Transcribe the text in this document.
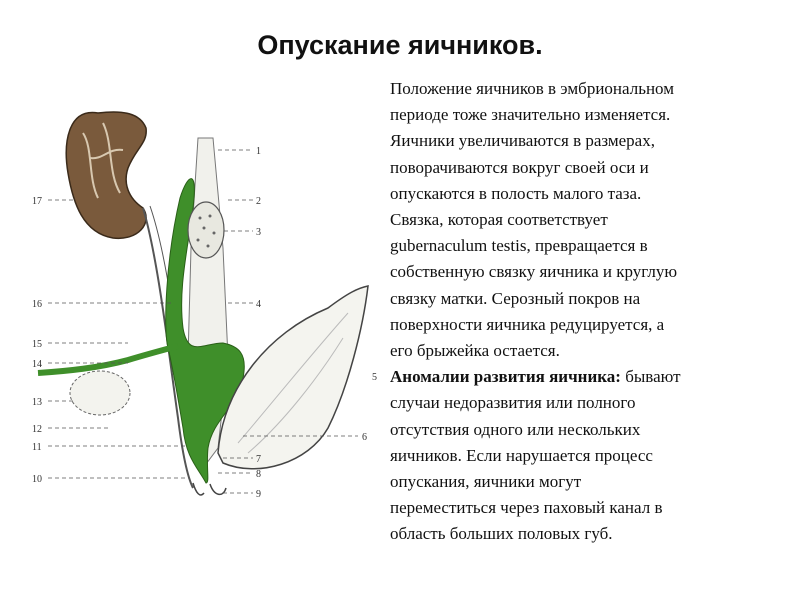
Опускание яичников.
1
2
3
4
5
6
7
8
9
10
11
12
13
14
15
16
17

Положение яичников в эмбриональном

периоде тоже значительно изменяется.

Яичники увеличиваются в размерах,

поворачиваются вокруг своей оси и

опускаются в полость малого таза.

Связка, которая соответствует

gubernaculum testis, превращается в

собственную связку яичника и круглую

связку матки. Серозный покров на

поверхности яичника редуцируется, а

его брыжейка остается.

Аномалии развития яичника: бывают

случаи недоразвития или полного

отсутствия одного или нескольких

яичников. Если нарушается процесс

опускания, яичники могут

переместиться через паховый канал в

область больших половых губ.
